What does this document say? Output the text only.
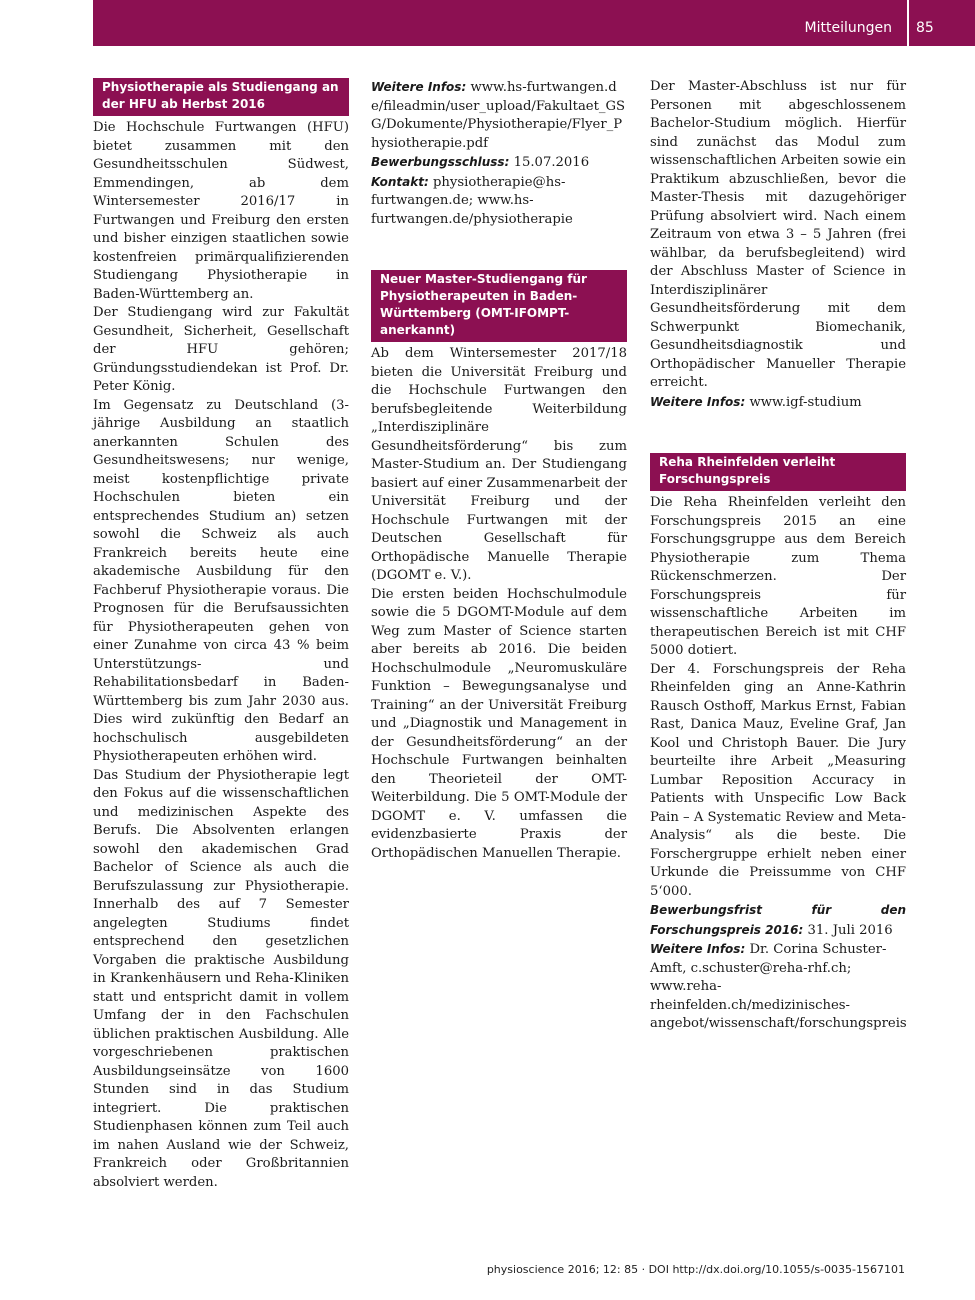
Mitteilungen 85
Physiotherapie als Studiengang an der HFU ab Herbst 2016

Die Hochschule Furtwangen (HFU) bietet zusammen mit den Gesundheitsschulen Südwest, Emmendingen, ab dem Wintersemester 2016/17 in Furtwangen und Freiburg den ersten und bisher einzigen staatlichen sowie kostenfreien primärqualifizierenden Studiengang Physiotherapie in Baden-Württemberg an.

Der Studiengang wird zur Fakultät Gesundheit, Sicherheit, Gesellschaft der HFU gehören; Gründungsstudiendekan ist Prof. Dr. Peter König.

Im Gegensatz zu Deutschland (3-jährige Ausbildung an staatlich anerkannten Schulen des Gesundheitswesens; nur wenige, meist kostenpflichtige private Hochschulen bieten ein entsprechendes Studium an) setzen sowohl die Schweiz als auch Frankreich bereits heute eine akademische Ausbildung für den Fachberuf Physiotherapie voraus. Die Prognosen für die Berufsaussichten für Physiotherapeuten gehen von einer Zunahme von circa 43 % beim Unterstützungs- und Rehabilitationsbedarf in Baden-Württemberg bis zum Jahr 2030 aus. Dies wird zukünftig den Bedarf an hochschulisch ausgebildeten Physiotherapeuten erhöhen wird.

Das Studium der Physiotherapie legt den Fokus auf die wissenschaftlichen und medizinischen Aspekte des Berufs. Die Absolventen erlangen sowohl den akademischen Grad Bachelor of Science als auch die Berufszulassung zur Physiotherapie. Innerhalb des auf 7 Semester angelegten Studiums findet entsprechend den gesetzlichen Vorgaben die praktische Ausbildung in Krankenhäusern und Reha-Kliniken statt und entspricht damit in vollem Umfang der in den Fachschulen üblichen praktischen Ausbildung. Alle vorgeschriebenen praktischen Ausbildungseinsätze von 1600 Stunden sind in das Studium integriert. Die praktischen Studienphasen können zum Teil auch im nahen Ausland wie der Schweiz, Frankreich oder Großbritannien absolviert werden.

Weitere Infos: www.hs-furtwangen.de/fileadmin/user_upload/Fakultaet_GSG/Dokumente/Physiotherapie/Flyer_Physiotherapie.pdf

Bewerbungsschluss: 15.07.2016

Kontakt: physiotherapie@hs-furtwangen.de; www.hs-furtwangen.de/physiotherapie

Neuer Master-Studiengang für Physiotherapeuten in Baden-Württemberg (OMT-IFOMPT-anerkannt)

Ab dem Wintersemester 2017/18 bieten die Universität Freiburg und die Hochschule Furtwangen den berufsbegleitende Weiterbildung „Interdisziplinäre Gesundheitsförderung“ bis zum Master-Studium an. Der Studiengang basiert auf einer Zusammenarbeit der Universität Freiburg und der Hochschule Furtwangen mit der Deutschen Gesellschaft für Orthopädische Manuelle Therapie (DGOMT e. V.).

Die ersten beiden Hochschulmodule sowie die 5 DGOMT-Module auf dem Weg zum Master of Science starten aber bereits ab 2016. Die beiden Hochschulmodule „Neuromuskuläre Funktion – Bewegungsanalyse und Training“ an der Universität Freiburg und „Diagnostik und Management in der Gesundheitsförderung“ an der Hochschule Furtwangen beinhalten den Theorieteil der OMT-Weiterbildung. Die 5 OMT-Module der DGOMT e. V. umfassen die evidenzbasierte Praxis der Orthopädischen Manuellen Therapie.

Der Master-Abschluss ist nur für Personen mit abgeschlossenem Bachelor-Studium möglich. Hierfür sind zunächst das Modul zum wissenschaftlichen Arbeiten sowie ein Praktikum abzuschließen, bevor die Master-Thesis mit dazugehöriger Prüfung absolviert wird. Nach einem Zeitraum von etwa 3 – 5 Jahren (frei wählbar, da berufsbegleitend) wird der Abschluss Master of Science in Interdisziplinärer Gesundheitsförderung mit dem Schwerpunkt Biomechanik, Gesundheitsdiagnostik und Orthopädischer Manueller Therapie erreicht.

Weitere Infos: www.igf-studium

Reha Rheinfelden verleiht Forschungspreis

Die Reha Rheinfelden verleiht den Forschungspreis 2015 an eine Forschungsgruppe aus dem Bereich Physiotherapie zum Thema Rückenschmerzen. Der Forschungspreis für wissenschaftliche Arbeiten im therapeutischen Bereich ist mit CHF 5000 dotiert.

Der 4. Forschungspreis der Reha Rheinfelden ging an Anne-Kathrin Rausch Osthoff, Markus Ernst, Fabian Rast, Danica Mauz, Eveline Graf, Jan Kool und Christoph Bauer. Die Jury beurteilte ihre Arbeit „Measuring Lumbar Reposition Accuracy in Patients with Unspecific Low Back Pain – A Systematic Review and Meta-Analysis“ als die beste. Die Forschergruppe erhielt neben einer Urkunde die Preissumme von CHF 5‘000.

Bewerbungsfrist für den Forschungspreis 2016: 31. Juli 2016

Weitere Infos: Dr. Corina Schuster-Amft, c.schuster@reha-rhf.ch; www.reha-rheinfelden.ch/medizinisches-angebot/wissenschaft/forschungspreis

physioscience 2016; 12: 85 · DOI http://dx.doi.org/10.1055/s-0035-1567101
